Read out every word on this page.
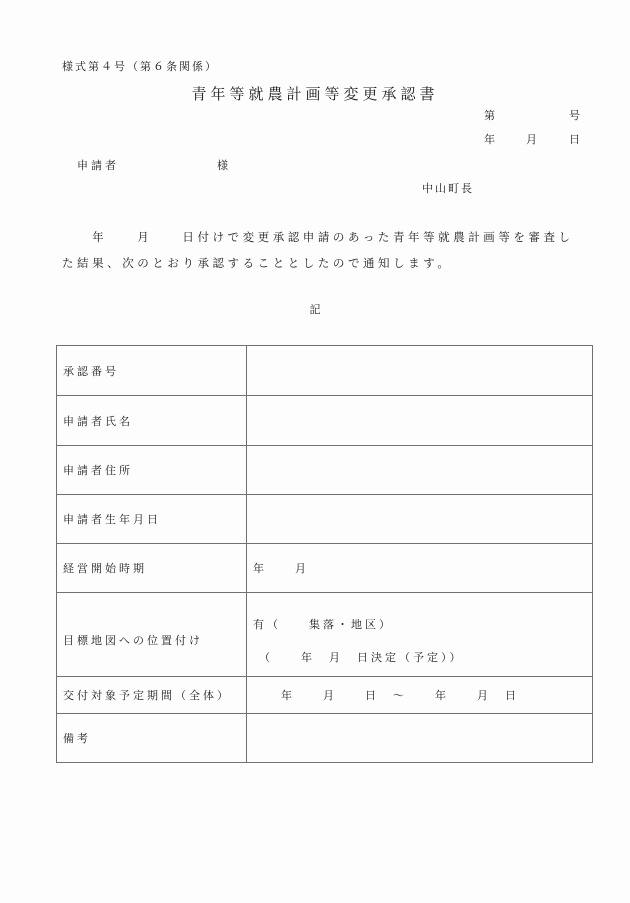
様式第４号（第６条関係）
青年等就農計画等変更承認書
第	号
年	月	日
申請者	様
中山町長
　　年　　月　　日付けで変更承認申請のあった青年等就農計画等を審査し
た結果、次のとおり承認することとしたので通知します。
記
承認番号	
申請者氏名	
申請者住所	
申請者生年月日	
経営開始時期	年　　月
目標地図への位置付け	有（　　集落・地区）
（　　年　月　日決定（予定））

交付対象予定期間（全体）	　　年　　月　　日　～　　年　　月　日
備考	
